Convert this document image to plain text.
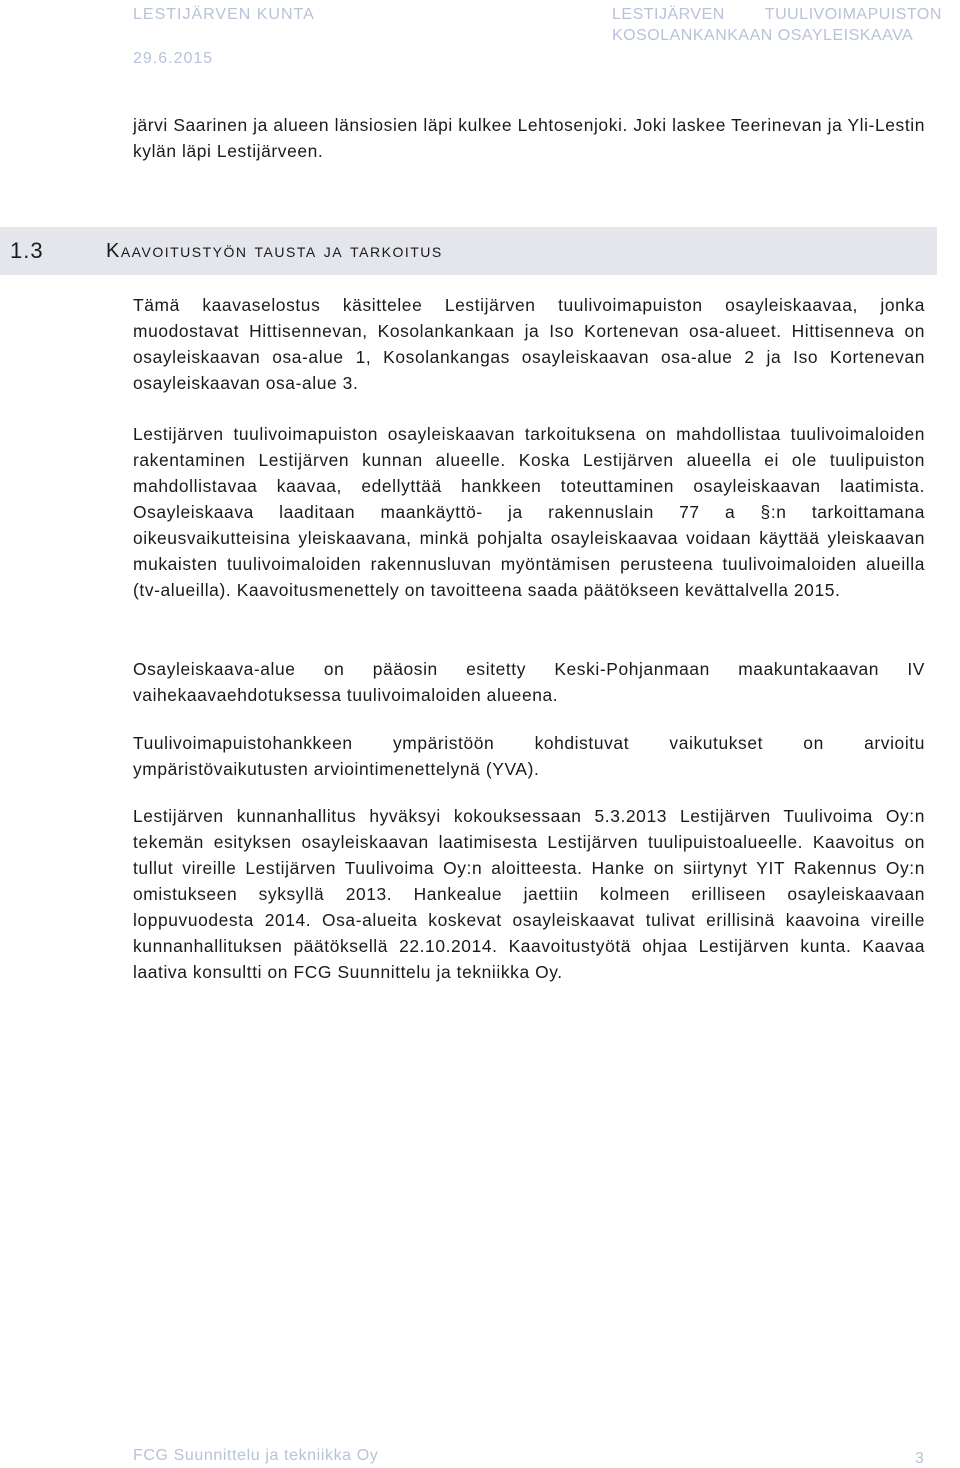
LESTIJÄRVEN KUNTA
29.6.2015
LESTIJÄRVEN	TUULIVOIMAPUISTON
KOSOLANKANKAAN OSAYLEISKAAVA

järvi Saarinen ja alueen länsiosien läpi kulkee Lehtosenjoki. Joki laskee Teerinevan ja Yli-Lestin kylän läpi Lestijärveen.

1.3	Kaavoitustyön tausta ja tarkoitus

Tämä kaavaselostus käsittelee Lestijärven tuulivoimapuiston osayleiskaavaa, jonka muodostavat Hittisennevan, Kosolankankaan ja Iso Kortenevan osa-alueet. Hittisenneva on osayleiskaavan osa-alue 1, Kosolankangas osayleiskaavan osa-alue 2 ja Iso Kortenevan osayleiskaavan osa-alue 3.

Lestijärven tuulivoimapuiston osayleiskaavan tarkoituksena on mahdollistaa tuulivoimaloiden rakentaminen Lestijärven kunnan alueelle. Koska Lestijärven alueella ei ole tuulipuiston mahdollistavaa kaavaa, edellyttää hankkeen toteuttaminen osayleiskaavan laatimista. Osayleiskaava laaditaan maankäyttö- ja rakennuslain 77 a §:n tarkoittamana oikeusvaikutteisina yleiskaavana, minkä pohjalta osayleiskaavaa voidaan käyttää yleiskaavan mukaisten tuulivoimaloiden rakennusluvan myöntämisen perusteena tuulivoimaloiden alueilla (tv-alueilla). Kaavoitusmenettely on tavoitteena saada päätökseen kevättalvella 2015.

Osayleiskaava-alue on pääosin esitetty Keski-Pohjanmaan maakuntakaavan IV vaihekaavaehdotuksessa tuulivoimaloiden alueena.

Tuulivoimapuistohankkeen ympäristöön kohdistuvat vaikutukset on arvioitu ympäristövaikutusten arviointimenettelynä (YVA).

Lestijärven kunnanhallitus hyväksyi kokouksessaan 5.3.2013 Lestijärven Tuulivoima Oy:n tekemän esityksen osayleiskaavan laatimisesta Lestijärven tuulipuistoalueelle. Kaavoitus on tullut vireille Lestijärven Tuulivoima Oy:n aloitteesta. Hanke on siirtynyt YIT Rakennus Oy:n omistukseen syksyllä 2013. Hankealue jaettiin kolmeen erilliseen osayleiskaavaan loppuvuodesta 2014. Osa-alueita koskevat osayleiskaavat tulivat erillisinä kaavoina vireille kunnanhallituksen päätöksellä 22.10.2014. Kaavoitustyötä ohjaa Lestijärven kunta. Kaavaa laativa konsultti on FCG Suunnittelu ja tekniikka Oy.

FCG Suunnittelu ja tekniikka Oy	3
